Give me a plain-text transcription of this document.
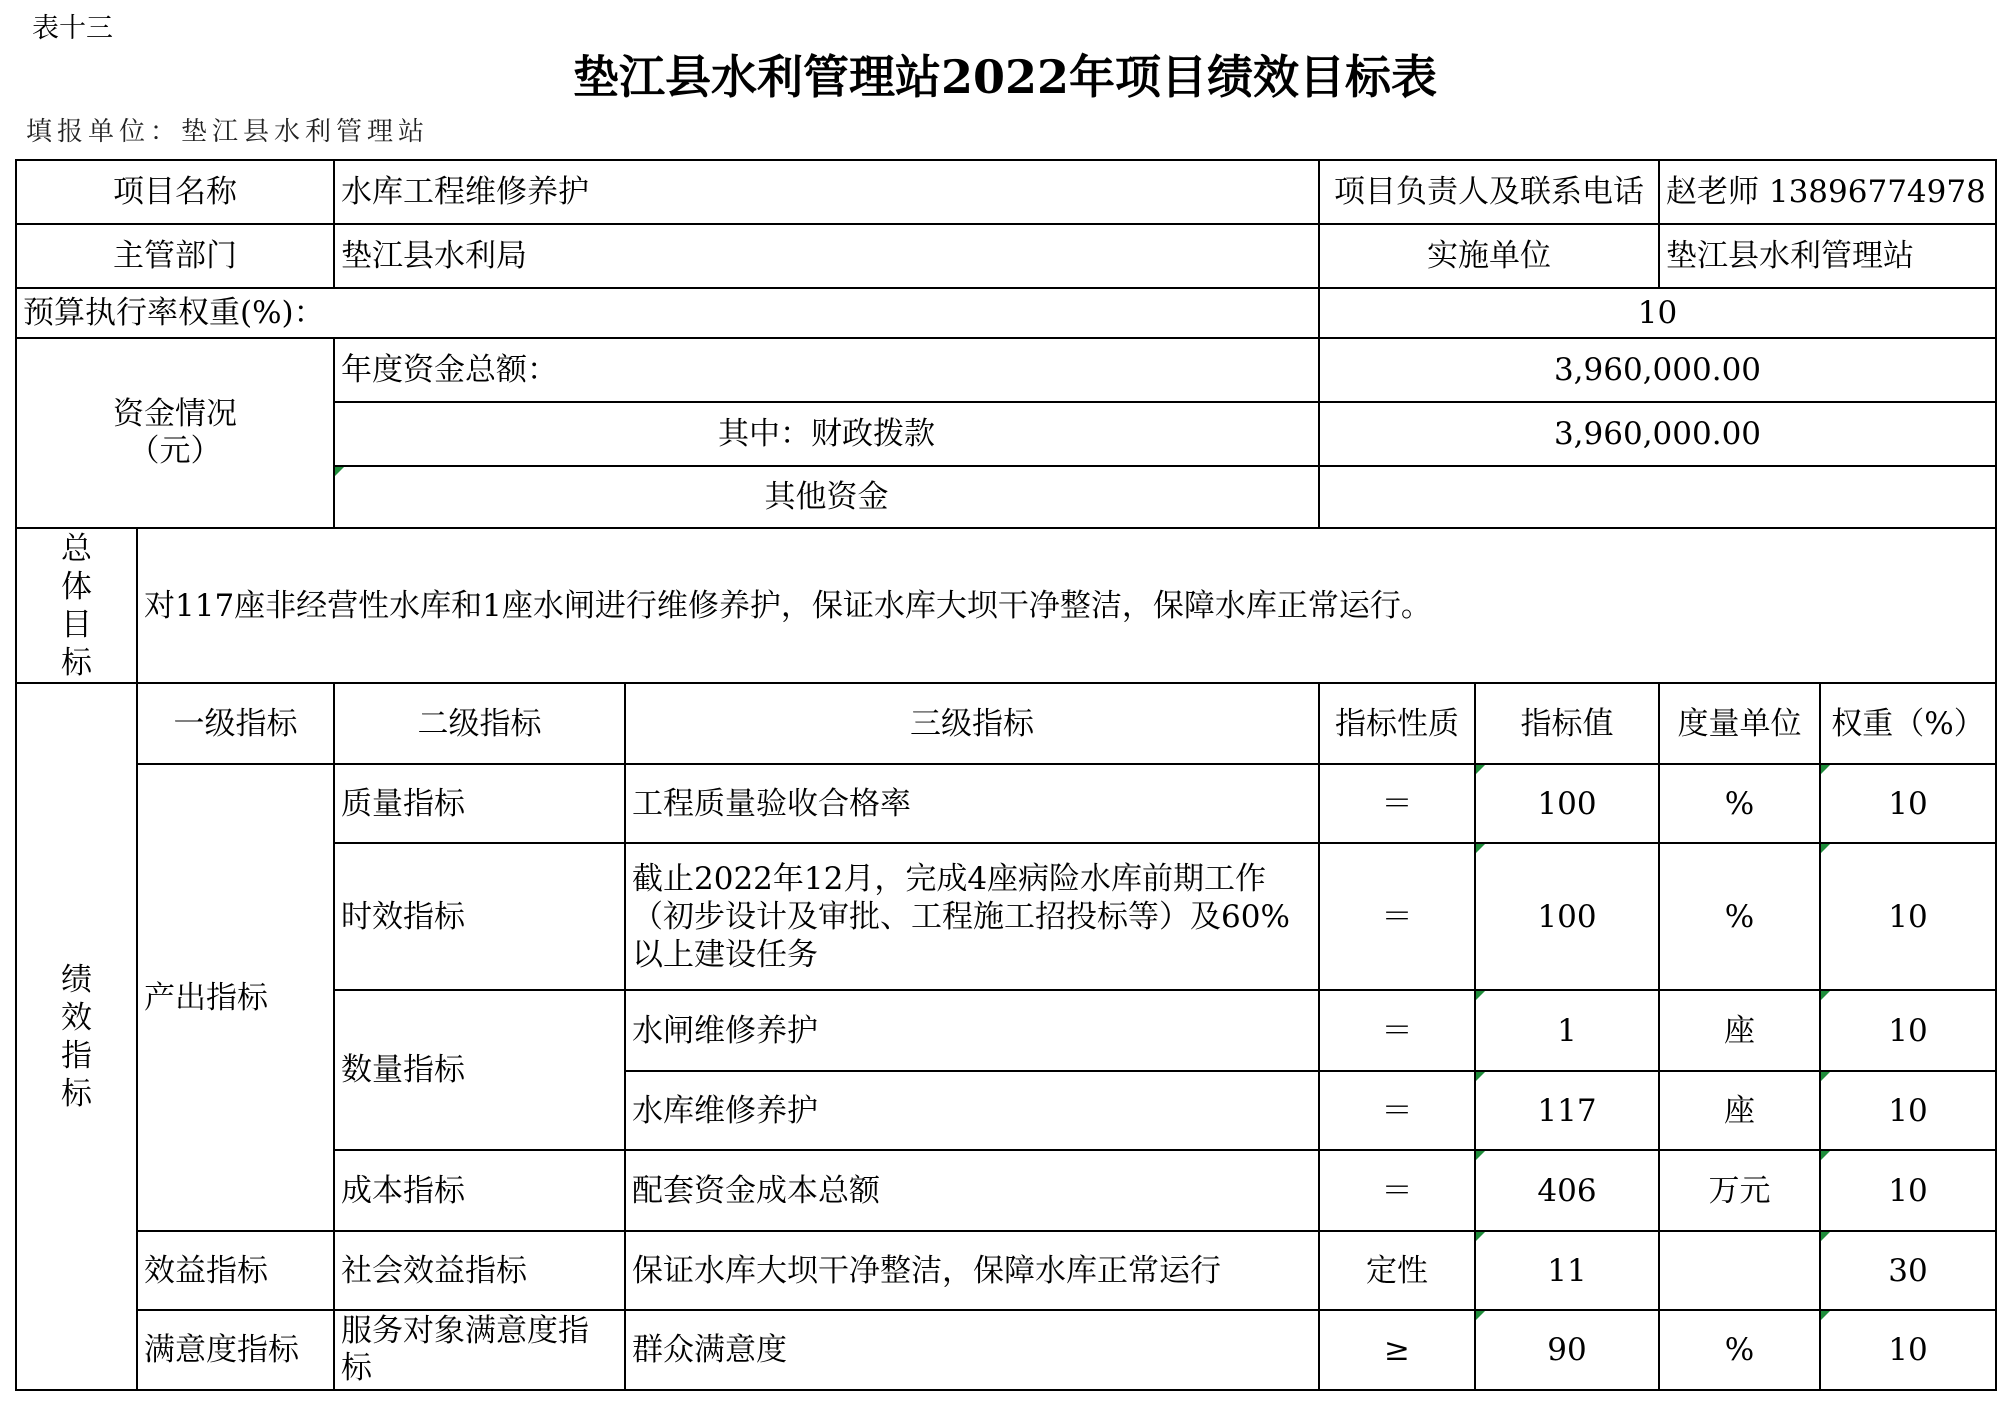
表十三
垫江县水利管理站2022年项目绩效目标表
填报单位：垫江县水利管理站
项目名称		水库工程维修养护		项目负责人及联系电话		赵老师 13896774978	
主管部门		垫江县水利局		实施单位		垫江县水利管理站	
预算执行率权重(%)：				10			
资金情况（元）		年度资金总额：		3,960,000.00			
		其中：财政拨款		3,960,000.00			
		其他资金					
总体目标	对117座非经营性水库和1座水闸进行维修养护，保证水库大坝干净整洁，保障水库正常运行。						
绩效指标	一级指标	二级指标	三级指标	指标性质	指标值	度量单位	权重（%）
	产出指标	质量指标	工程质量验收合格率	＝	100	%	10
		时效指标	截止2022年12月，完成4座病险水库前期工作
（初步设计及审批、工程施工招投标等）及60%
以上建设任务	＝	100	%	10
		数量指标	水闸维修养护	＝	1	座	10
			水库维修养护	＝	117	座	10
		成本指标	配套资金成本总额	＝	406	万元	10
	效益指标	社会效益指标	保证水库大坝干净整洁，保障水库正常运行	定性	11		30
	满意度指标	服务对象满意度指标	群众满意度	≥	90	%	10
